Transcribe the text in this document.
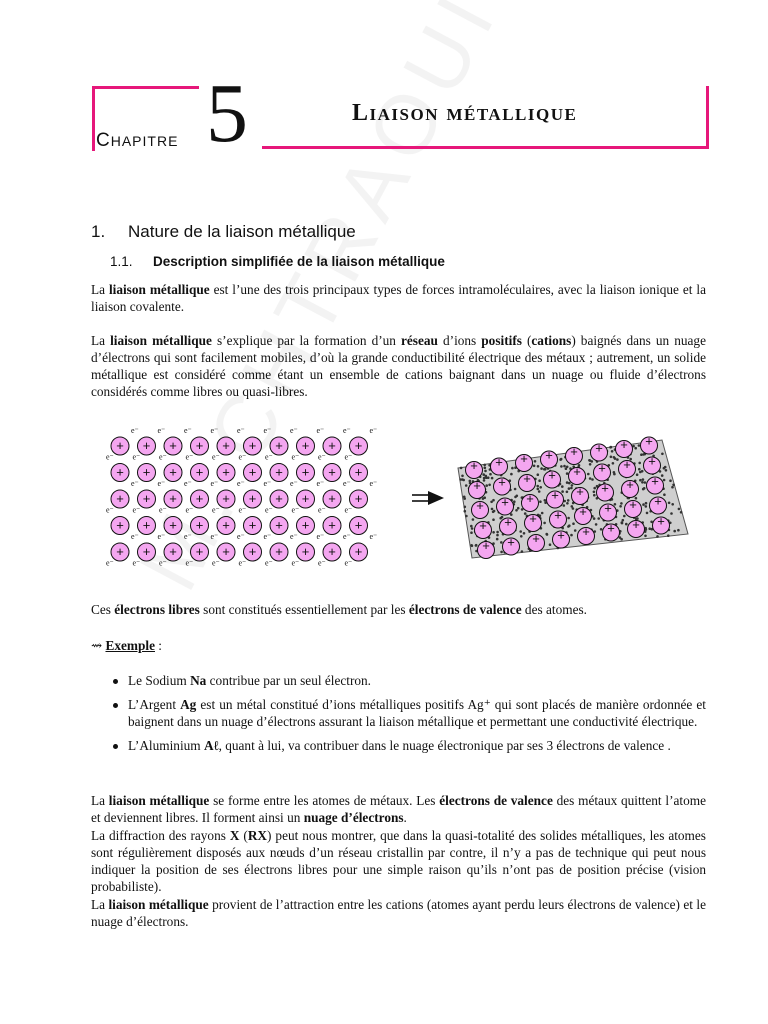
CHAPITRE 5	Liaison métallique
1. Nature de la liaison métallique
1.1. Description simplifiée de la liaison métallique
La liaison métallique est l’une des trois principaux types de forces intramoléculaires, avec la liaison ionique et la liaison covalente.
La liaison métallique s’explique par la formation d’un réseau d’ions positifs (cations) baignés dans un nuage d’électrons qui sont facilement mobiles, d’où la grande conductibilité électrique des métaux ; autrement, un solide métallique est considéré comme étant un ensemble de cations baignant dans un nuage ou fluide d’électrons considérés comme libres ou quasi-libres.
+ + + + + + + + + +
+ + + + + + + + + +
+ + + + + + + + + +
+ + + + + + + + + +
+ + + + + + + + + +
e⁻ e⁻ e⁻ e⁻ e⁻ e⁻ e⁻ e⁻ e⁻ e⁻
e⁻ e⁻ e⁻ e⁻ e⁻ e⁻ e⁻ e⁻ e⁻ e⁻
e⁻ e⁻ e⁻ e⁻ e⁻ e⁻ e⁻ e⁻ e⁻ e⁻
e⁻ e⁻ e⁻ e⁻ e⁻ e⁻ e⁻ e⁻ e⁻ e⁻
e⁻ e⁻ e⁻ e⁻ e⁻ e⁻ e⁻ e⁻ e⁻ e⁻
e⁻ e⁻ e⁻ e⁻ e⁻ e⁻ e⁻ e⁻ e⁻ e⁻
+ + + + + + + +
+ + + + + + + +
+ + + + + + + +
+ + + + + + + +
+ + + + + + + +
Ces électrons libres sont constitués essentiellement par les électrons de valence des atomes.
⇝ Exemple :
Le Sodium Na contribue par un seul électron.
L’Argent Ag est un métal constitué d’ions métalliques positifs Ag⁺ qui sont placés de manière ordonnée et baignent dans un nuage d’électrons assurant la liaison métallique et permettant une conductivité électrique.
L’Aluminium Aℓ, quant à lui, va contribuer dans le nuage électronique par ses 3 électrons de valence .
La liaison métallique se forme entre les atomes de métaux. Les électrons de valence des métaux quittent l’atome et deviennent libres. Il forment ainsi un nuage d’électrons.
La diffraction des rayons X (RX) peut nous montrer, que dans la quasi-totalité des solides métalliques, les atomes sont régulièrement disposés aux nœuds d’un réseau cristallin par contre, il n’y a pas de technique qui peut nous indiquer la position de ses électrons libres pour une simple raison qu’ils n’ont pas de position précise (vision probabiliste).
La liaison métallique provient de l’attraction entre les cations (atomes ayant perdu leurs électrons de valence) et le nuage d’électrons.
